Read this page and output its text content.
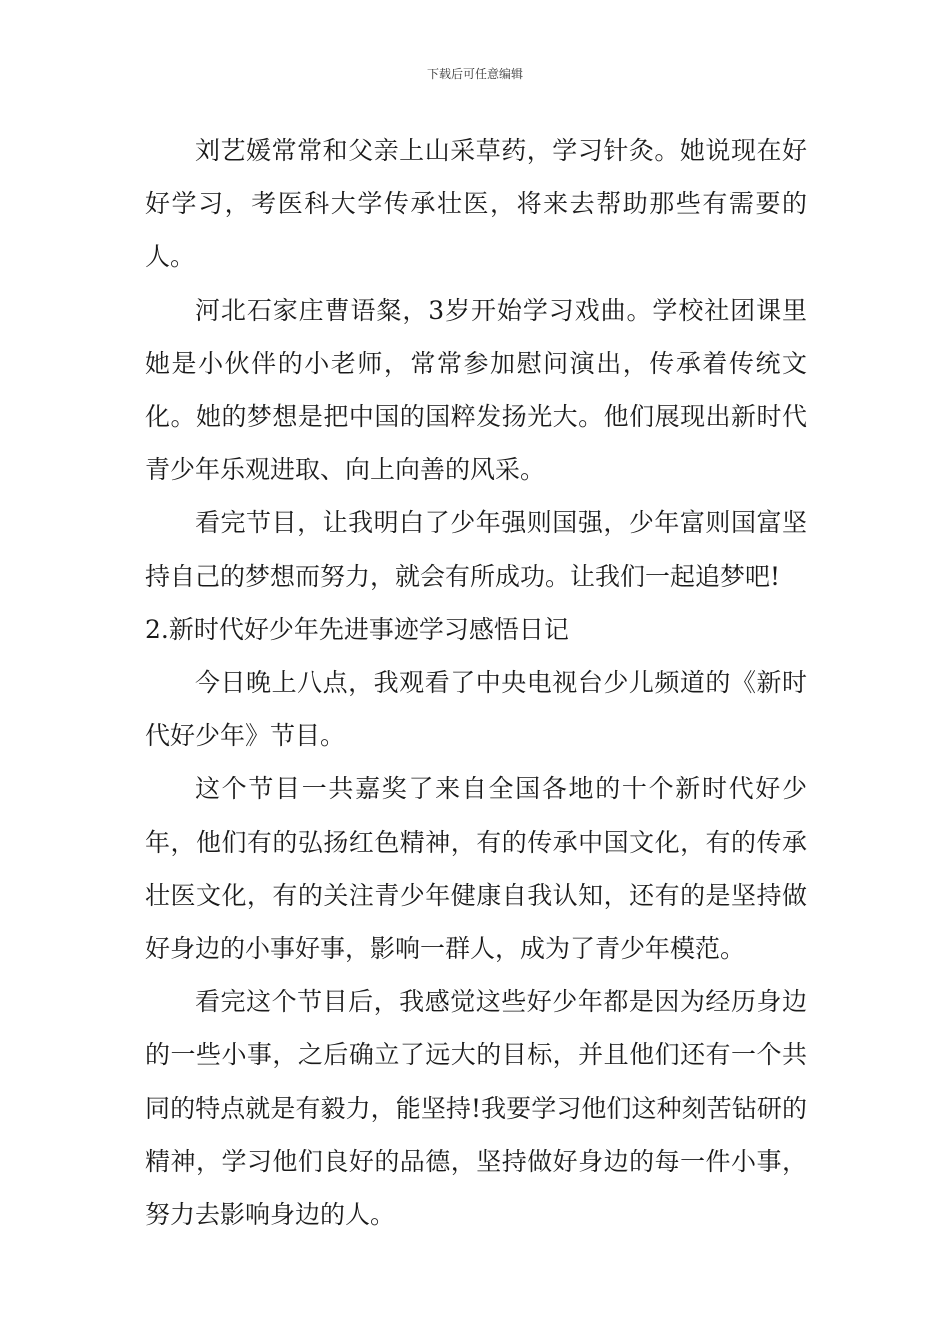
下载后可任意编辑

刘艺媛常常和父亲上山采草药，学习针灸。她说现在好好学习，考医科大学传承壮医，将来去帮助那些有需要的人。

河北石家庄曹语粲，3岁开始学习戏曲。学校社团课里她是小伙伴的小老师，常常参加慰问演出，传承着传统文化。她的梦想是把中国的国粹发扬光大。他们展现出新时代青少年乐观进取、向上向善的风采。

看完节目，让我明白了少年强则国强，少年富则国富坚持自己的梦想而努力，就会有所成功。让我们一起追梦吧!

2.新时代好少年先进事迹学习感悟日记

今日晚上八点，我观看了中央电视台少儿频道的《新时代好少年》节目。

这个节目一共嘉奖了来自全国各地的十个新时代好少年，他们有的弘扬红色精神，有的传承中国文化，有的传承壮医文化，有的关注青少年健康自我认知，还有的是坚持做好身边的小事好事，影响一群人，成为了青少年模范。

看完这个节目后，我感觉这些好少年都是因为经历身边的一些小事，之后确立了远大的目标，并且他们还有一个共同的特点就是有毅力，能坚持!我要学习他们这种刻苦钻研的精神，学习他们良好的品德，坚持做好身边的每一件小事，努力去影响身边的人。
